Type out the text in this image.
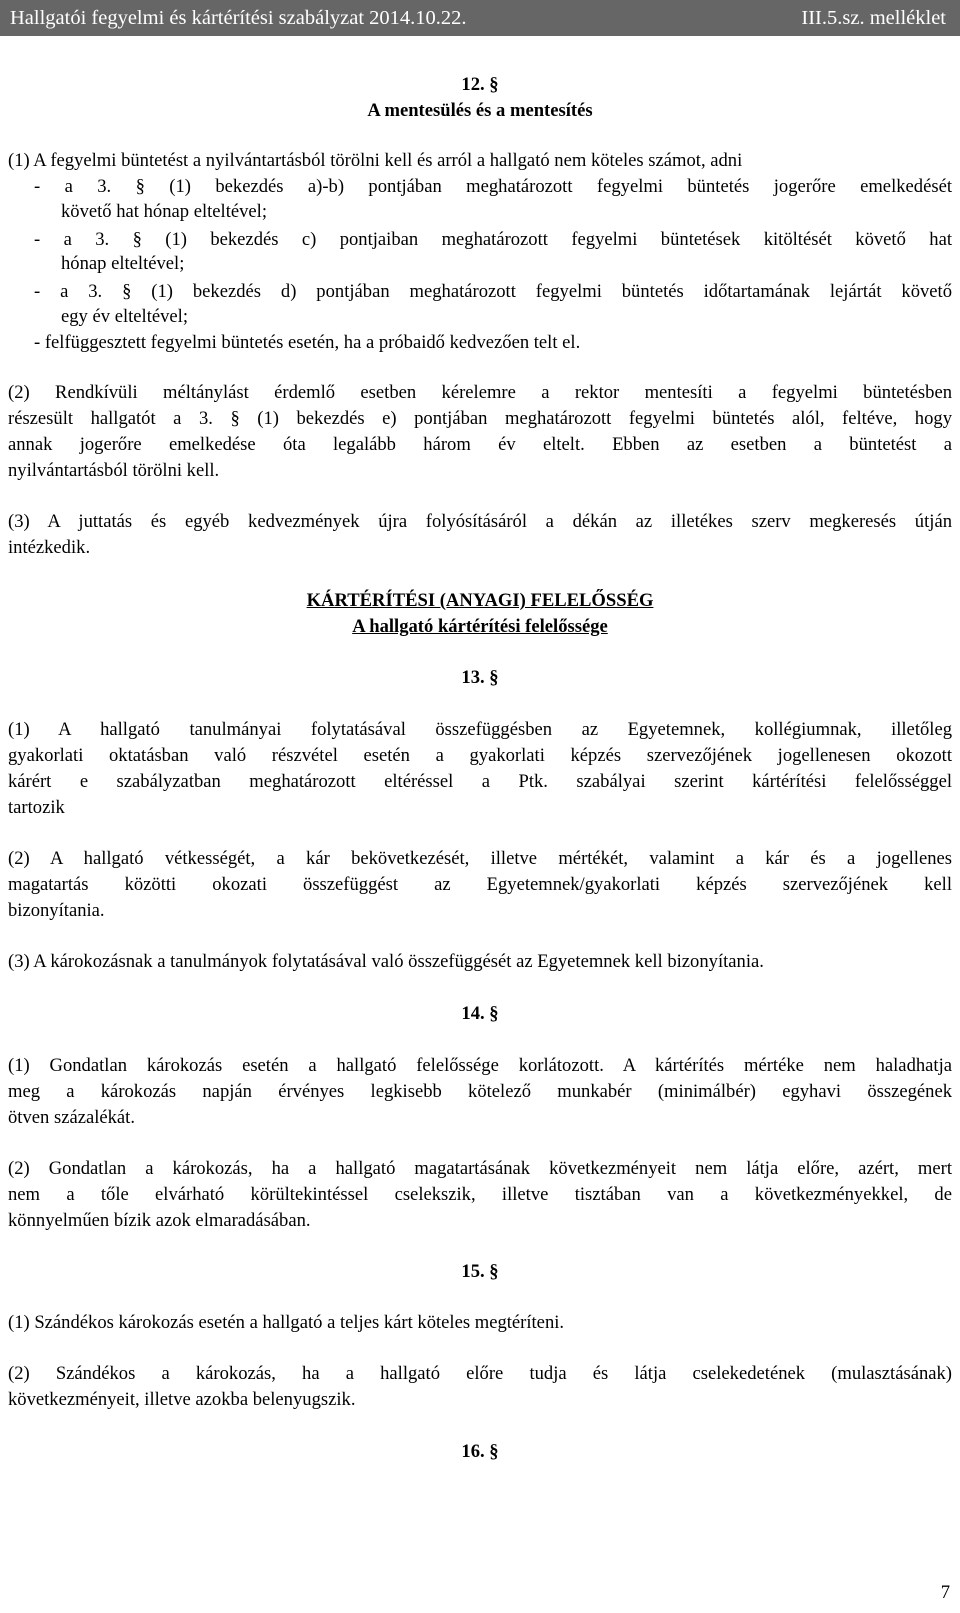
Hallgatói fegyelmi és kártérítési szabályzat 2014.10.22.	III.5.sz. melléklet
12. §
A mentesülés és a mentesítés
(1) A fegyelmi büntetést a nyilvántartásból törölni kell és arról a hallgató nem köteles számot, adni
- a 3. § (1) bekezdés a)-b) pontjában meghatározott fegyelmi büntetés jogerőre emelkedését
követő hat hónap elteltével;
- a 3. § (1) bekezdés c) pontjaiban meghatározott fegyelmi büntetések kitöltését követő hat
hónap elteltével;
- a 3. § (1) bekezdés d) pontjában meghatározott fegyelmi büntetés időtartamának lejártát követő
egy év elteltével;
- felfüggesztett fegyelmi büntetés esetén, ha a próbaidő kedvezően telt el.
(2) Rendkívüli méltánylást érdemlő esetben kérelemre a rektor mentesíti a fegyelmi büntetésben
részesült hallgatót a 3. § (1) bekezdés e) pontjában meghatározott fegyelmi büntetés alól, feltéve, hogy
annak jogerőre emelkedése óta legalább három év eltelt. Ebben az esetben a büntetést a
nyilvántartásból törölni kell.
(3) A juttatás és egyéb kedvezmények újra folyósításáról a dékán az illetékes szerv megkeresés útján
intézkedik.
KÁRTÉRÍTÉSI (ANYAGI) FELELŐSSÉG
A hallgató kártérítési felelőssége
13. §
(1) A hallgató tanulmányai folytatásával összefüggésben az Egyetemnek, kollégiumnak, illetőleg
gyakorlati oktatásban való részvétel esetén a gyakorlati képzés szervezőjének jogellenesen okozott
kárért e szabályzatban meghatározott eltéréssel a Ptk. szabályai szerint kártérítési felelősséggel
tartozik
(2) A hallgató vétkességét, a kár bekövetkezését, illetve mértékét, valamint a kár és a jogellenes
magatartás közötti okozati összefüggést az Egyetemnek/gyakorlati képzés szervezőjének kell
bizonyítania.
(3) A károkozásnak a tanulmányok folytatásával való összefüggését az Egyetemnek kell bizonyítania.
14. §
(1) Gondatlan károkozás esetén a hallgató felelőssége korlátozott. A kártérítés mértéke nem haladhatja
meg a károkozás napján érvényes legkisebb kötelező munkabér (minimálbér) egyhavi összegének
ötven százalékát.
(2) Gondatlan a károkozás, ha a hallgató magatartásának következményeit nem látja előre, azért, mert
nem a tőle elvárható körültekintéssel cselekszik, illetve tisztában van a következményekkel, de
könnyelműen bízik azok elmaradásában.
15. §
(1) Szándékos károkozás esetén a hallgató a teljes kárt köteles megtéríteni.
(2) Szándékos a károkozás, ha a hallgató előre tudja és látja cselekedetének (mulasztásának)
következményeit, illetve azokba belenyugszik.
16. §
7
